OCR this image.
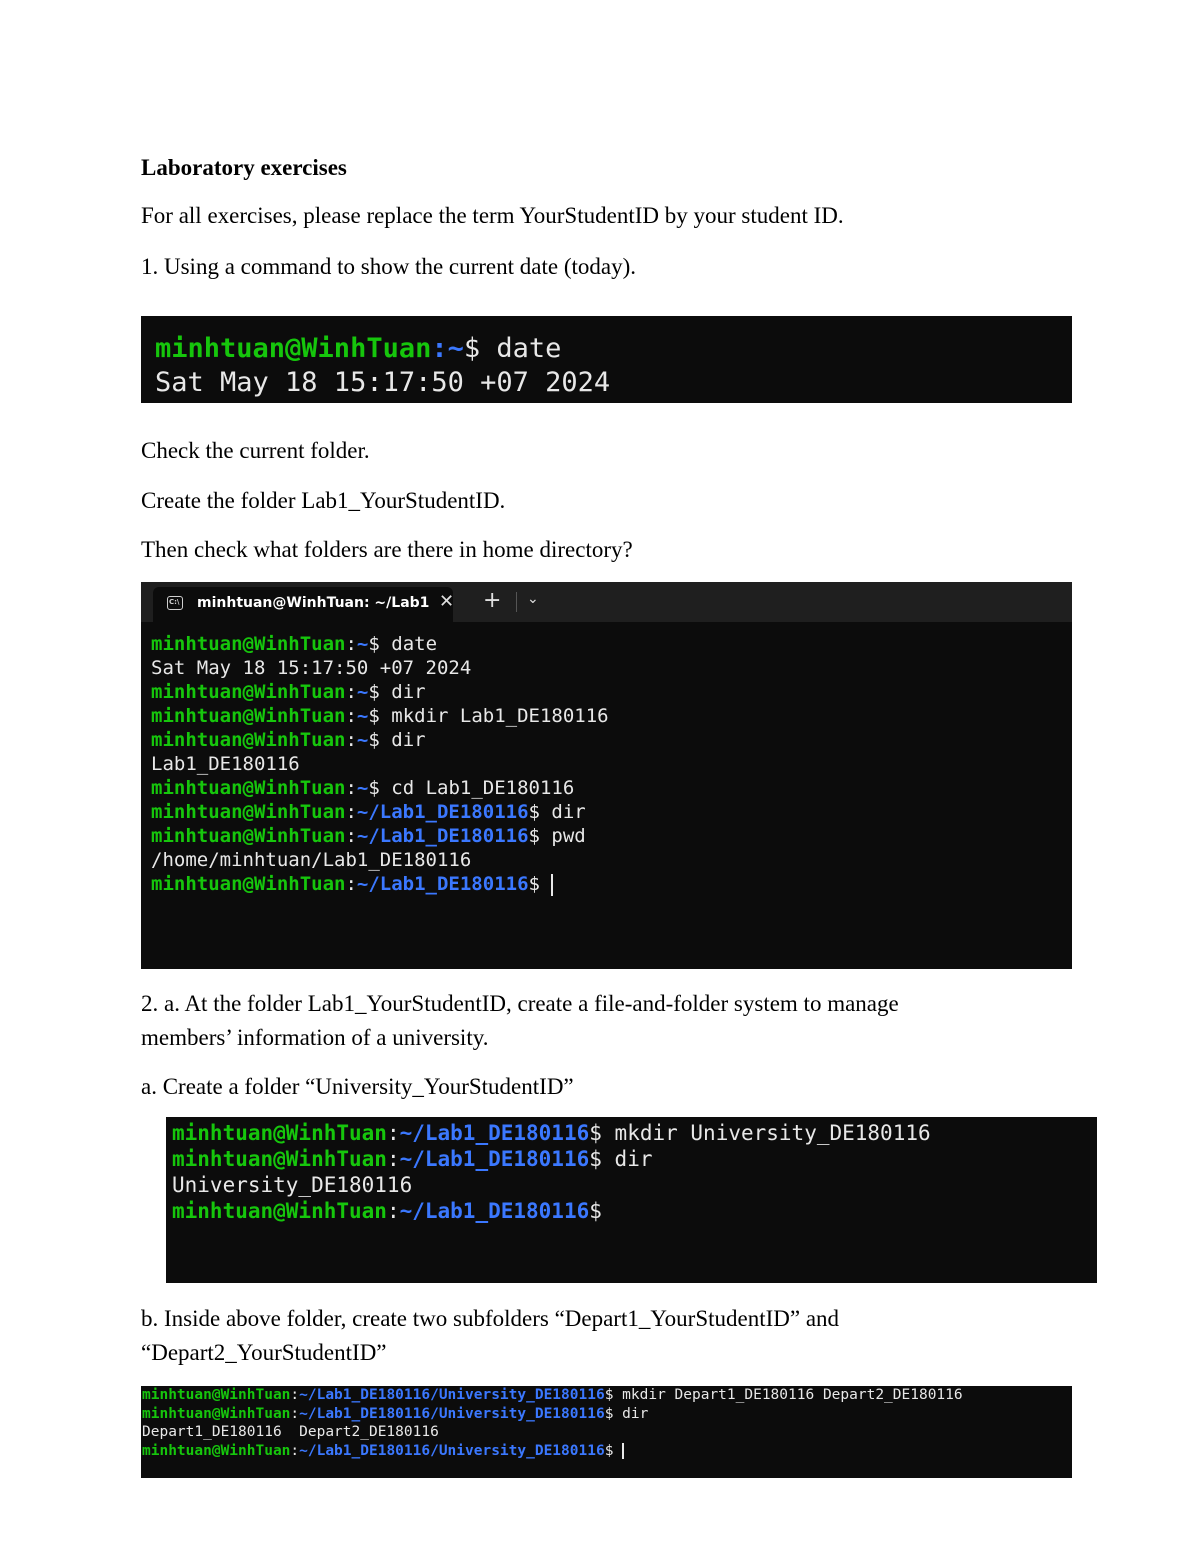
Laboratory exercises

For all exercises, please replace the term YourStudentID by your student ID.

1. Using a command to show the current date (today).

minhtuan@WinhTuan:~$ date
Sat May 18 15:17:50 +07 2024

Check the current folder.

Create the folder Lab1_YourStudentID.

Then check what folders are there in home directory?

C:\ minhtuan@WinhTuan: ~/Lab1 ✕ + ⌄
minhtuan@WinhTuan:~$ date
Sat May 18 15:17:50 +07 2024
minhtuan@WinhTuan:~$ dir
minhtuan@WinhTuan:~$ mkdir Lab1_DE180116
minhtuan@WinhTuan:~$ dir
Lab1_DE180116
minhtuan@WinhTuan:~$ cd Lab1_DE180116
minhtuan@WinhTuan:~/Lab1_DE180116$ dir
minhtuan@WinhTuan:~/Lab1_DE180116$ pwd
/home/minhtuan/Lab1_DE180116
minhtuan@WinhTuan:~/Lab1_DE180116$

2. a. At the folder Lab1_YourStudentID, create a file-and-folder system to manage

members’ information of a university.

a. Create a folder “University_YourStudentID”

minhtuan@WinhTuan:~/Lab1_DE180116$ mkdir University_DE180116
minhtuan@WinhTuan:~/Lab1_DE180116$ dir
University_DE180116
minhtuan@WinhTuan:~/Lab1_DE180116$

b. Inside above folder, create two subfolders “Depart1_YourStudentID” and

“Depart2_YourStudentID”

minhtuan@WinhTuan:~/Lab1_DE180116/University_DE180116$ mkdir Depart1_DE180116 Depart2_DE180116
minhtuan@WinhTuan:~/Lab1_DE180116/University_DE180116$ dir
Depart1_DE180116  Depart2_DE180116
minhtuan@WinhTuan:~/Lab1_DE180116/University_DE180116$
